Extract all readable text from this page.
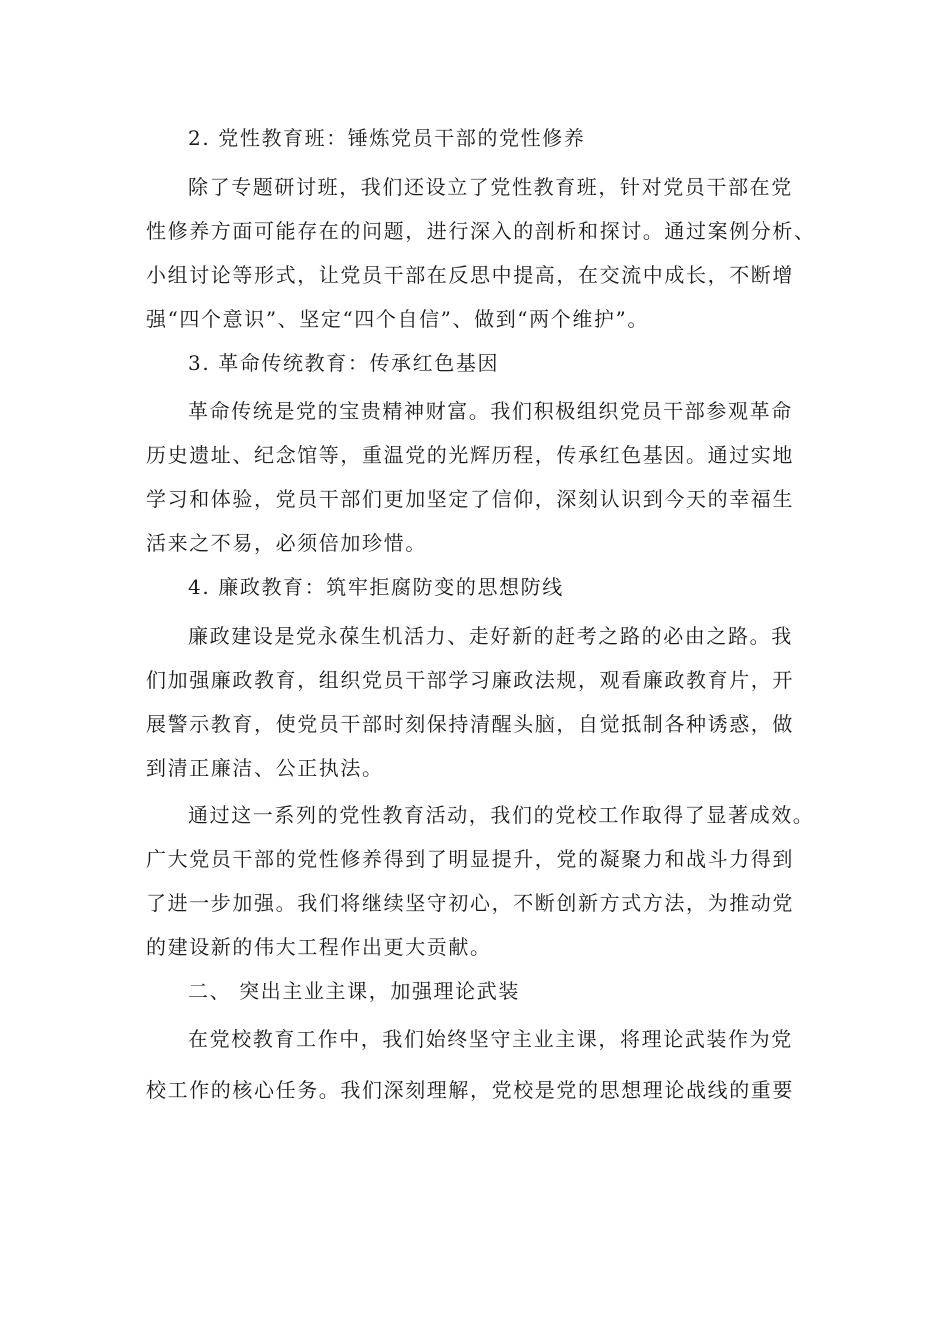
2. 党性教育班：锤炼党员干部的党性修养
除了专题研讨班，我们还设立了党性教育班，针对党员干部在党
性修养方面可能存在的问题，进行深入的剖析和探讨。通过案例分析、
小组讨论等形式，让党员干部在反思中提高，在交流中成长，不断增
强“四个意识”、坚定“四个自信”、做到“两个维护”。
3. 革命传统教育：传承红色基因
革命传统是党的宝贵精神财富。我们积极组织党员干部参观革命
历史遗址、纪念馆等，重温党的光辉历程，传承红色基因。通过实地
学习和体验，党员干部们更加坚定了信仰，深刻认识到今天的幸福生
活来之不易，必须倍加珍惜。
4. 廉政教育：筑牢拒腐防变的思想防线
廉政建设是党永葆生机活力、走好新的赶考之路的必由之路。我
们加强廉政教育，组织党员干部学习廉政法规，观看廉政教育片，开
展警示教育，使党员干部时刻保持清醒头脑，自觉抵制各种诱惑，做
到清正廉洁、公正执法。
通过这一系列的党性教育活动，我们的党校工作取得了显著成效。
广大党员干部的党性修养得到了明显提升，党的凝聚力和战斗力得到
了进一步加强。我们将继续坚守初心，不断创新方式方法，为推动党
的建设新的伟大工程作出更大贡献。
二、 突出主业主课，加强理论武装
在党校教育工作中，我们始终坚守主业主课，将理论武装作为党
校工作的核心任务。我们深刻理解，党校是党的思想理论战线的重要
